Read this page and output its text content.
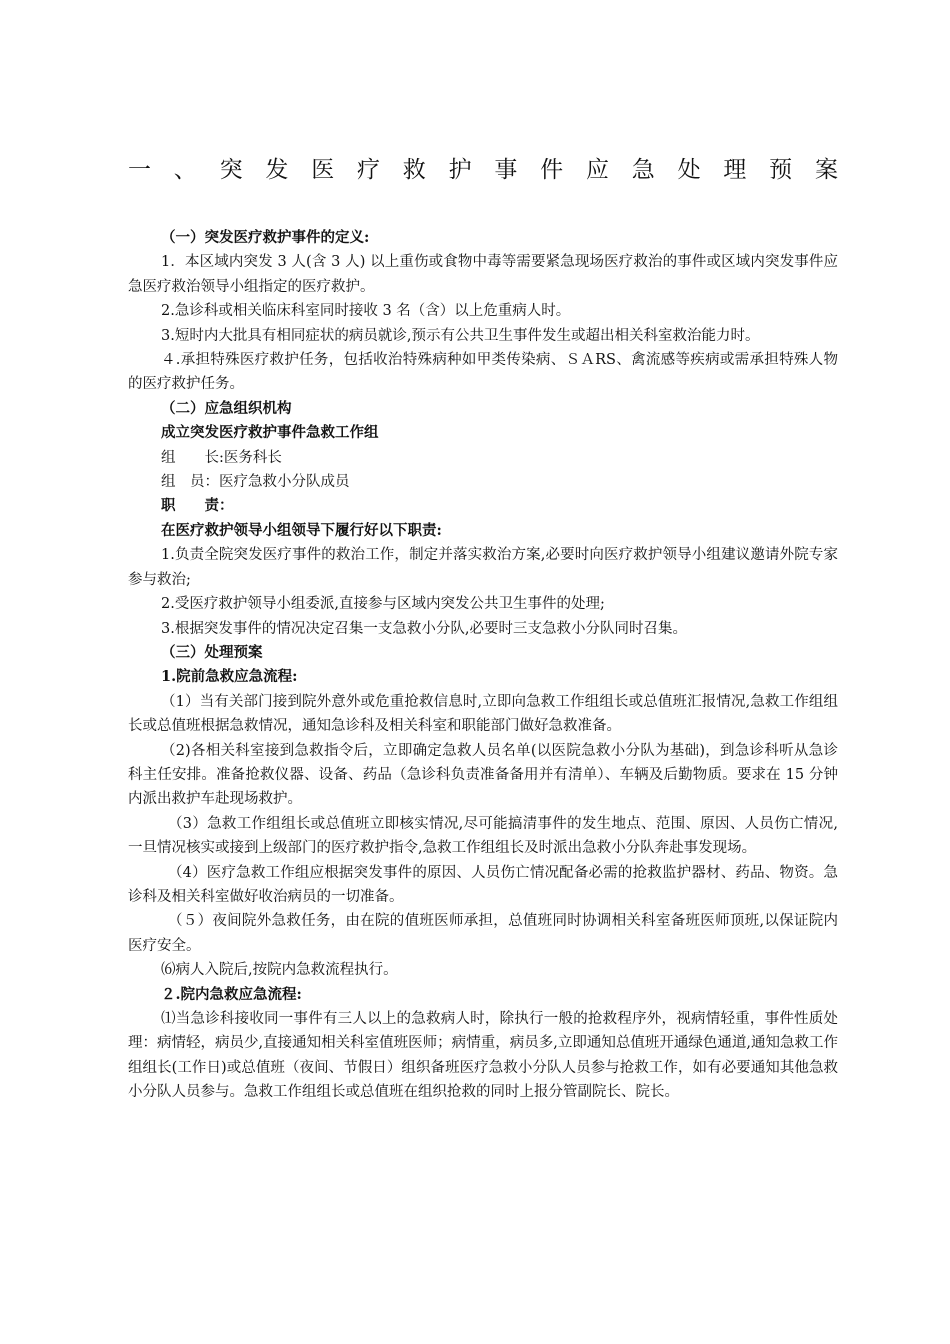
一 、 突 发 医 疗 救 护 事 件 应 急 处 理 预 案

（一）突发医疗救护事件的定义:

1．本区域内突发 3 人(含 3 人) 以上重伤或食物中毒等需要紧急现场医疗救治的事件或区域内突发事件应急医疗救治领导小组指定的医疗救护。

2.急诊科或相关临床科室同时接收 3 名（含）以上危重病人时。

3.短时内大批具有相同症状的病员就诊,预示有公共卫生事件发生或超出相关科室救治能力时。

４.承担特殊医疗救护任务，包括收治特殊病种如甲类传染病、ＳＡRS、禽流感等疾病或需承担特殊人物的医疗救护任务。

（二）应急组织机构

成立突发医疗救护事件急救工作组

组　　长:医务科长

组　员：医疗急救小分队成员

职　　责：

在医疗救护领导小组领导下履行好以下职责:

1.负责全院突发医疗事件的救治工作，制定并落实救治方案,必要时向医疗救护领导小组建议邀请外院专家参与救治;

2.受医疗救护领导小组委派,直接参与区域内突发公共卫生事件的处理;

3.根据突发事件的情况决定召集一支急救小分队,必要时三支急救小分队同时召集。

（三）处理预案

1.院前急救应急流程:

（1）当有关部门接到院外意外或危重抢救信息时,立即向急救工作组组长或总值班汇报情况,急救工作组组长或总值班根据急救情况，通知急诊科及相关科室和职能部门做好急救准备。

（2)各相关科室接到急救指令后，立即确定急救人员名单(以医院急救小分队为基础)，到急诊科听从急诊科主任安排。准备抢救仪器、设备、药品（急诊科负责准备备用并有清单）、车辆及后勤物质。要求在 15 分钟内派出救护车赴现场救护。

（3）急救工作组组长或总值班立即核实情况,尽可能搞清事件的发生地点、范围、原因、人员伤亡情况,一旦情况核实或接到上级部门的医疗救护指令,急救工作组组长及时派出急救小分队奔赴事发现场。

（4）医疗急救工作组应根据突发事件的原因、人员伤亡情况配备必需的抢救监护器材、药品、物资。急诊科及相关科室做好收治病员的一切准备。

（５）夜间院外急救任务，由在院的值班医师承担，总值班同时协调相关科室备班医师顶班,以保证院内医疗安全。

⑹病人入院后,按院内急救流程执行。

２.院内急救应急流程:

⑴当急诊科接收同一事件有三人以上的急救病人时，除执行一般的抢救程序外，视病情轻重，事件性质处理：病情轻，病员少,直接通知相关科室值班医师；病情重，病员多,立即通知总值班开通绿色通道,通知急救工作组组长(工作日)或总值班（夜间、节假日）组织备班医疗急救小分队人员参与抢救工作，如有必要通知其他急救小分队人员参与。急救工作组组长或总值班在组织抢救的同时上报分管副院长、院长。
